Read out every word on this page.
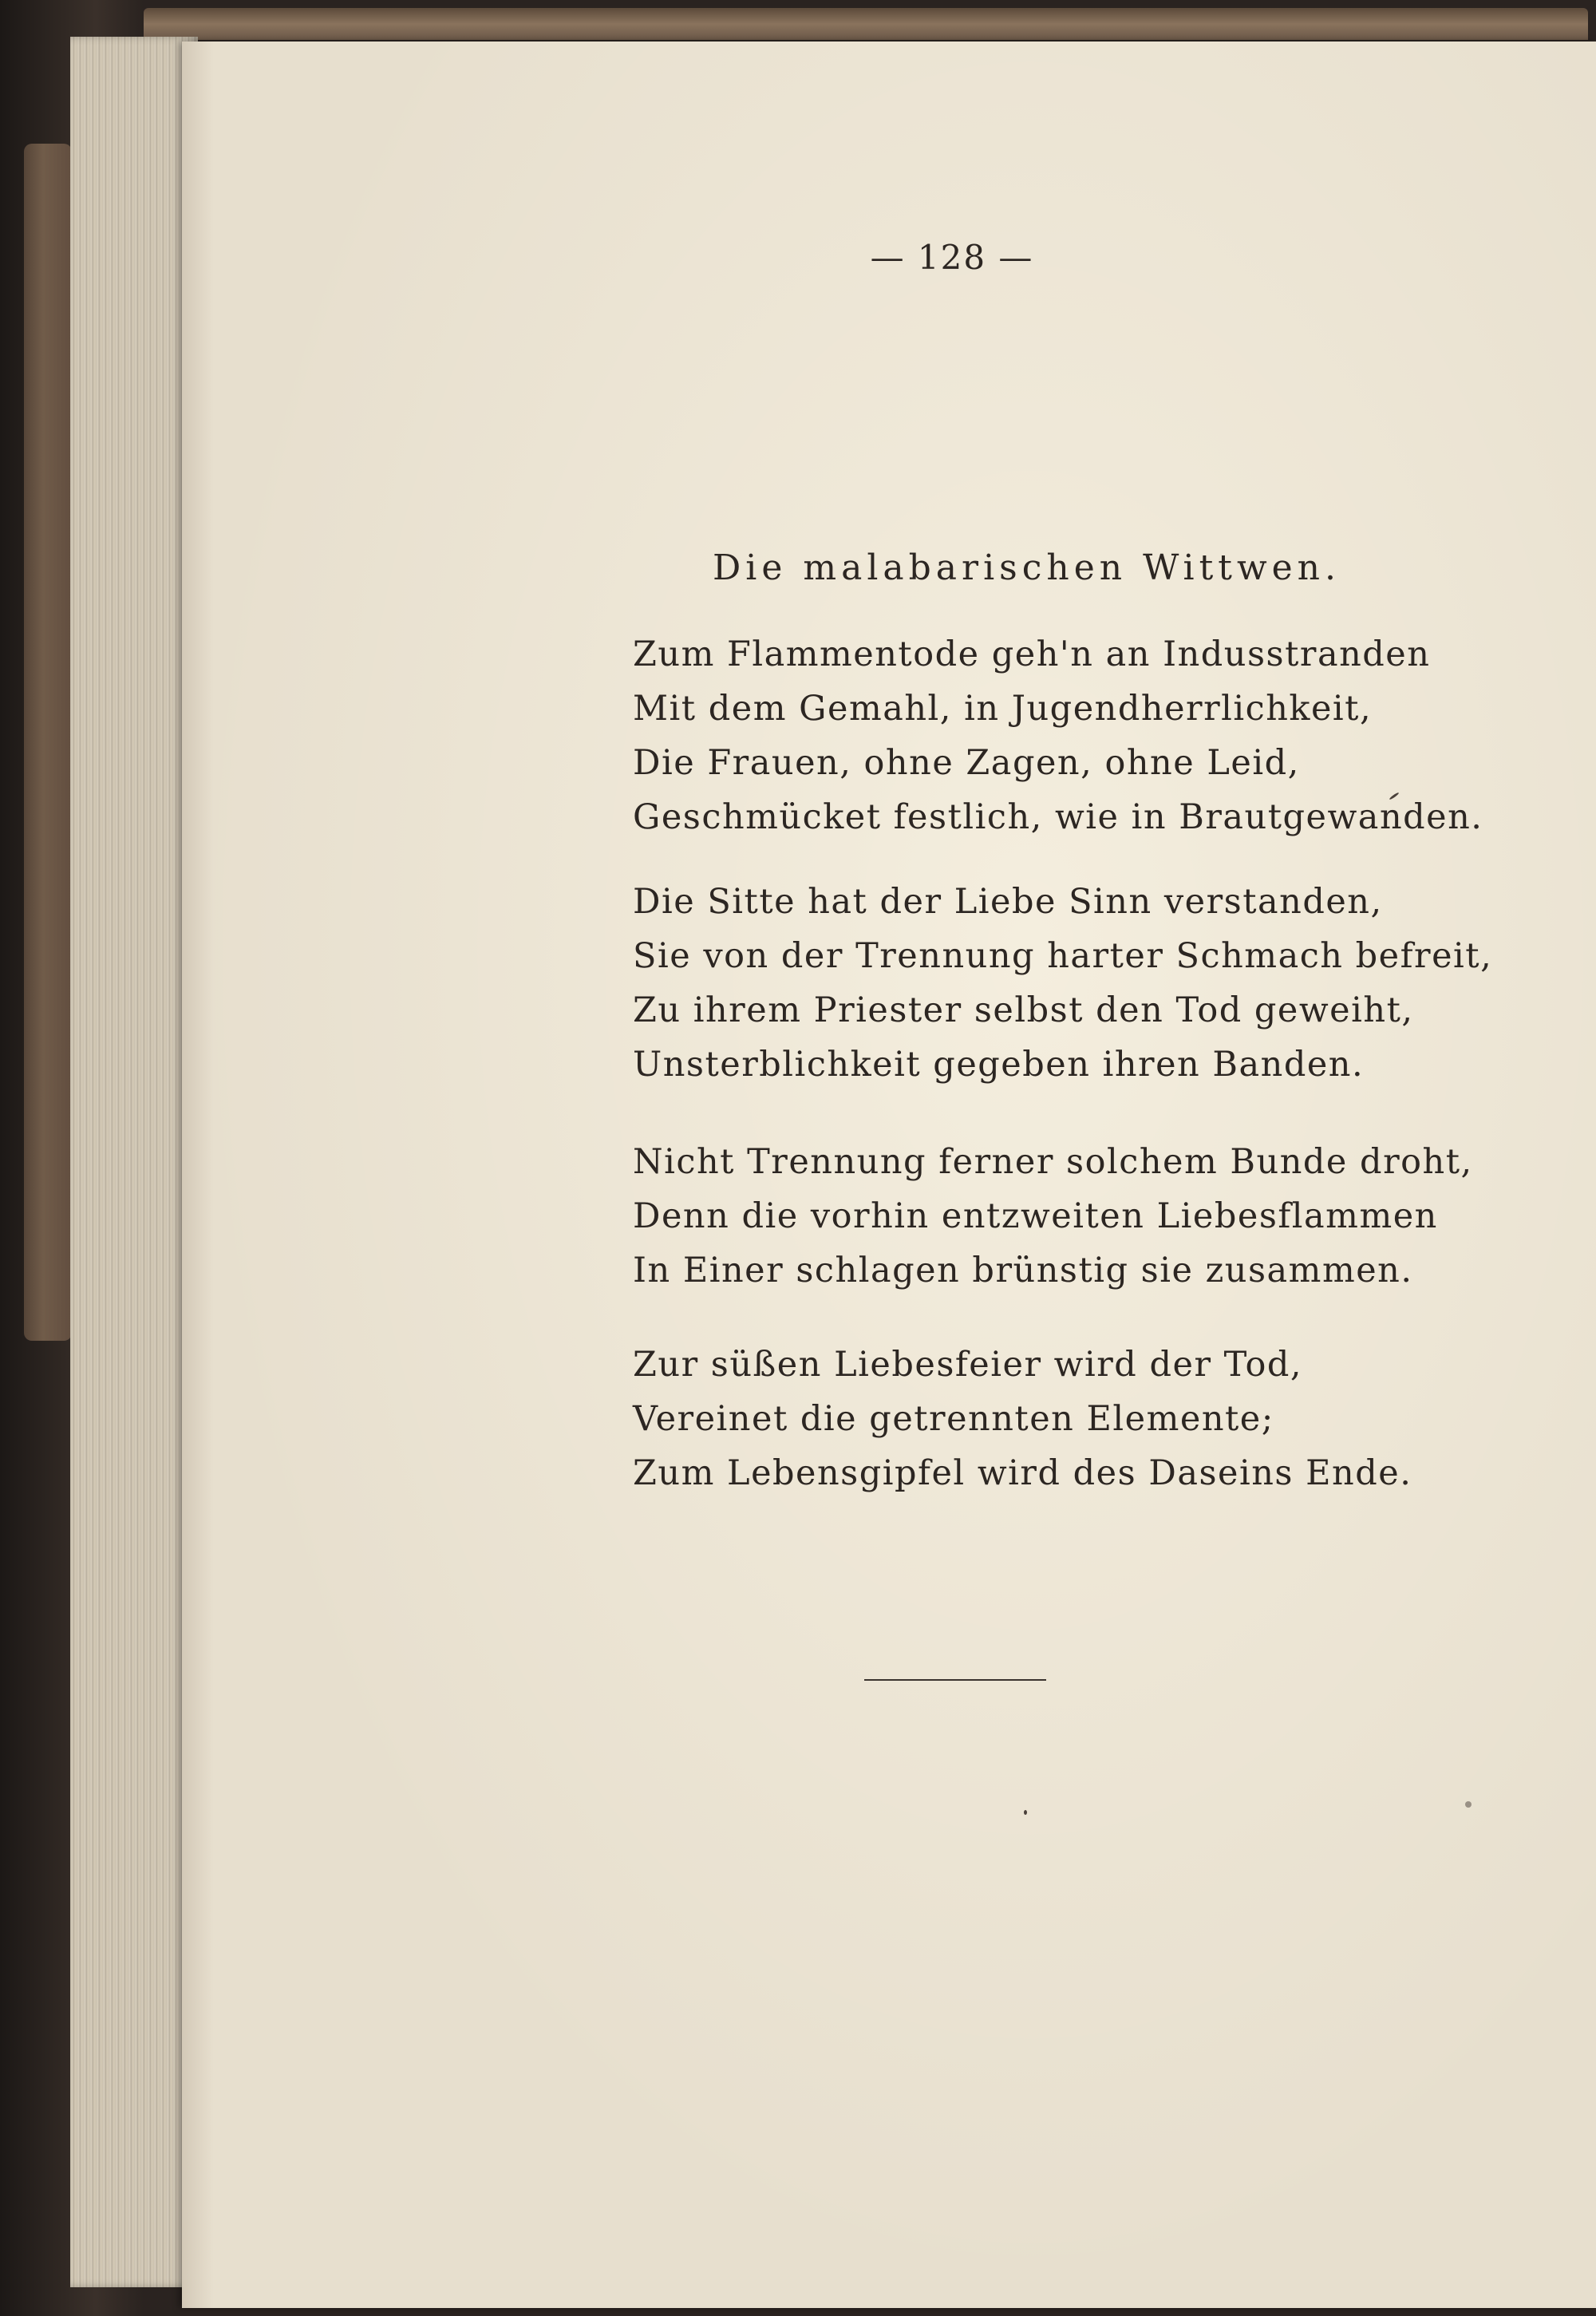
— 128 —
Die malabarischen Wittwen.
Zum Flammentode geh'n an Indusstranden
Mit dem Gemahl, in Jugendherrlichkeit,
Die Frauen, ohne Zagen, ohne Leid,
Geschmücket festlich, wie in Brautgewanden.
Die Sitte hat der Liebe Sinn verstanden,
Sie von der Trennung harter Schmach befreit,
Zu ihrem Priester selbst den Tod geweiht,
Unsterblichkeit gegeben ihren Banden.
Nicht Trennung ferner solchem Bunde droht,
Denn die vorhin entzweiten Liebesflammen
In Einer schlagen brünstig sie zusammen.
Zur süßen Liebesfeier wird der Tod,
Vereinet die getrennten Elemente;
Zum Lebensgipfel wird des Daseins Ende.
